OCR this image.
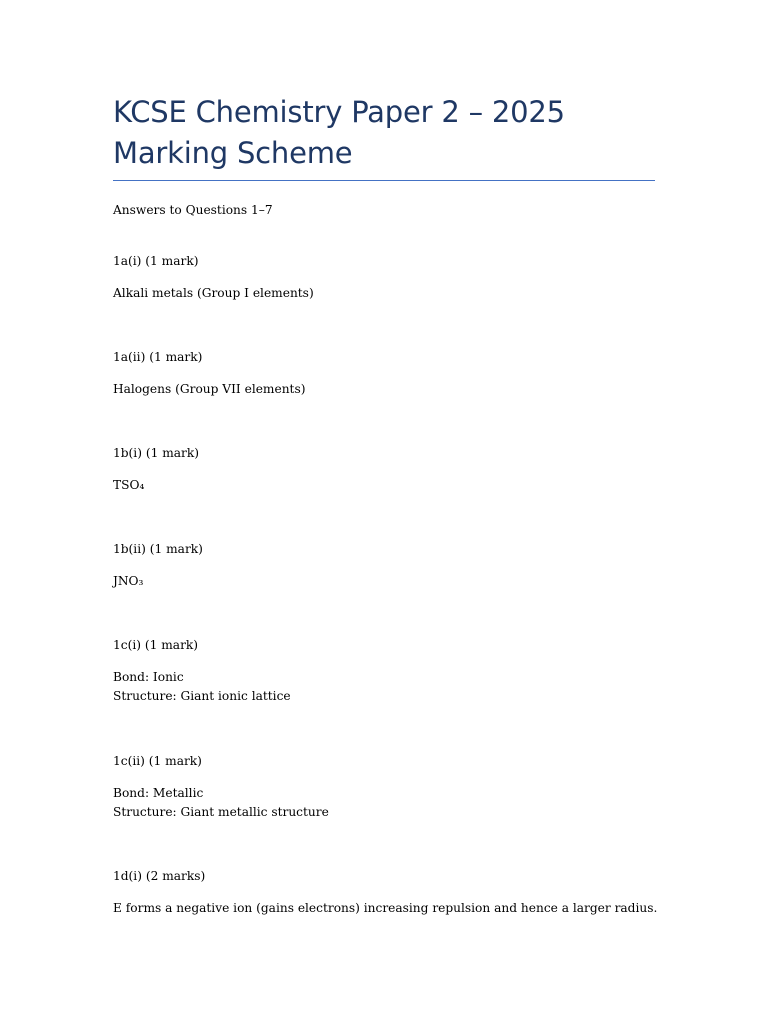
KCSE Chemistry Paper 2 – 2025 Marking Scheme

Answers to Questions 1–7

1a(i) (1 mark)

Alkali metals (Group I elements)

1a(ii) (1 mark)

Halogens (Group VII elements)

1b(i) (1 mark)

TSO₄

1b(ii) (1 mark)

JNO₃

1c(i) (1 mark)

Bond: Ionic

Structure: Giant ionic lattice

1c(ii) (1 mark)

Bond: Metallic

Structure: Giant metallic structure

1d(i) (2 marks)

E forms a negative ion (gains electrons) increasing repulsion and hence a larger radius.
